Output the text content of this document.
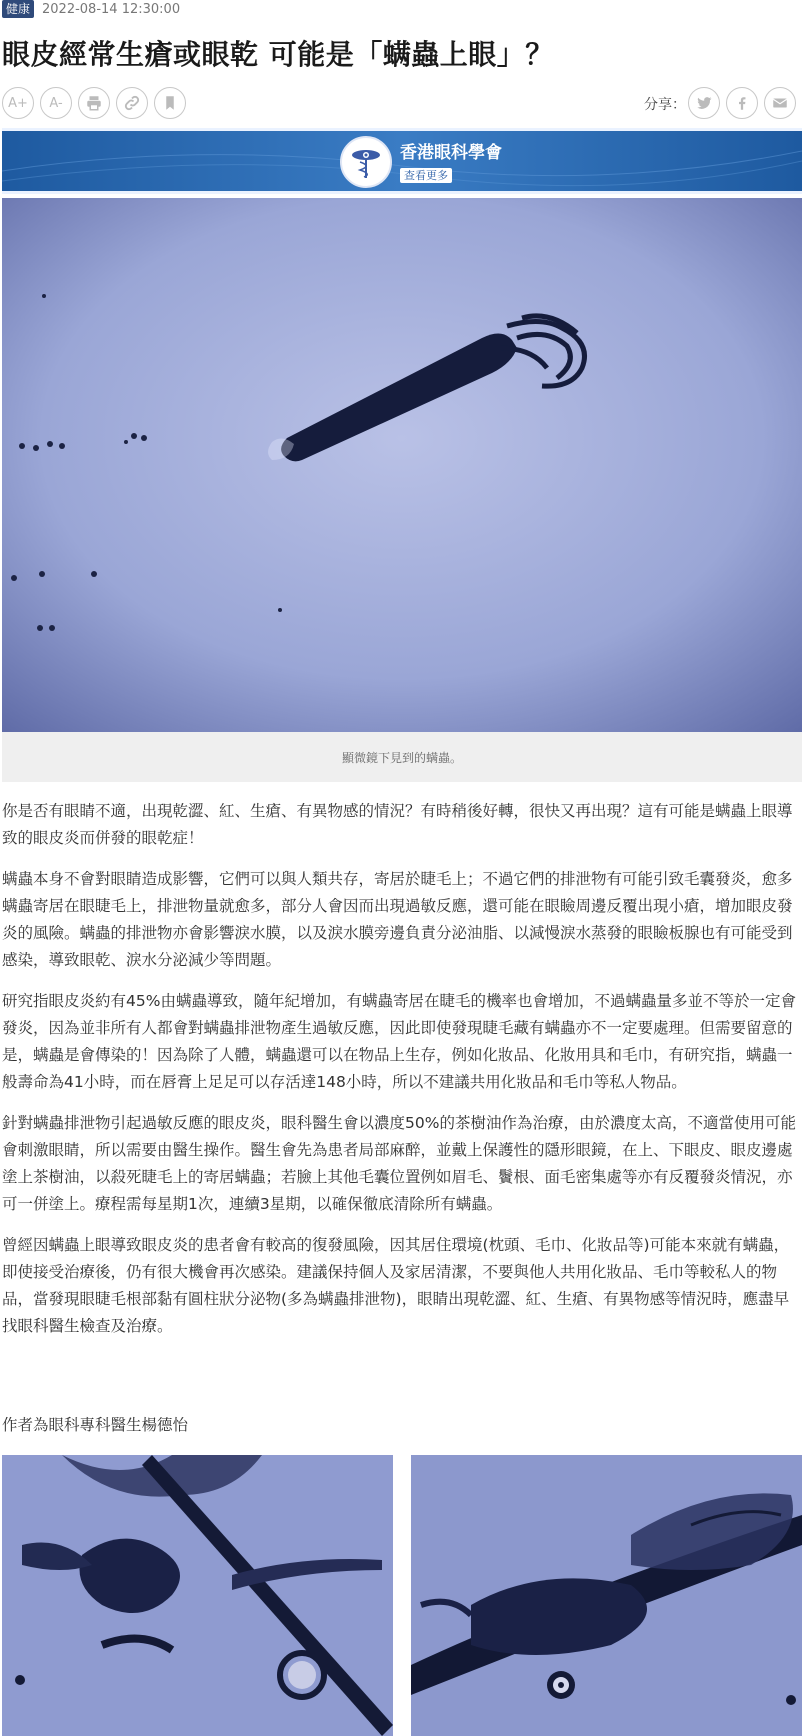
健康 2022-08-14 12:30:00
眼皮經常生瘡或眼乾 可能是「螨蟲上眼」？
A+ A-	分享：
香港眼科學會
查看更多
顯微鏡下見到的螨蟲。

你是否有眼睛不適，出現乾澀、紅、生瘡、有異物感的情況？有時稍後好轉，很快又再出現？這有可能是螨蟲上眼導致的眼皮炎而併發的眼乾症！

螨蟲本身不會對眼睛造成影響，它們可以與人類共存，寄居於睫毛上；不過它們的排泄物有可能引致毛囊發炎，愈多螨蟲寄居在眼睫毛上，排泄物量就愈多，部分人會因而出現過敏反應，還可能在眼瞼周邊反覆出現小瘡，增加眼皮發炎的風險。螨蟲的排泄物亦會影響淚水膜，以及淚水膜旁邊負責分泌油脂、以減慢淚水蒸發的眼瞼板腺也有可能受到感染，導致眼乾、淚水分泌減少等問題。

研究指眼皮炎約有45%由螨蟲導致，隨年紀增加，有螨蟲寄居在睫毛的機率也會增加，不過螨蟲量多並不等於一定會發炎，因為並非所有人都會對螨蟲排泄物產生過敏反應，因此即使發現睫毛藏有螨蟲亦不一定要處理。但需要留意的是，螨蟲是會傳染的！因為除了人體，螨蟲還可以在物品上生存，例如化妝品、化妝用具和毛巾，有研究指，螨蟲一般壽命為41小時，而在唇膏上足足可以存活達148小時，所以不建議共用化妝品和毛巾等私人物品。

針對螨蟲排泄物引起過敏反應的眼皮炎，眼科醫生會以濃度50%的茶樹油作為治療，由於濃度太高，不適當使用可能會刺激眼睛，所以需要由醫生操作。醫生會先為患者局部麻醉，並戴上保護性的隱形眼鏡，在上、下眼皮、眼皮邊處塗上茶樹油，以殺死睫毛上的寄居螨蟲；若臉上其他毛囊位置例如眉毛、鬢根、面毛密集處等亦有反覆發炎情況，亦可一併塗上。療程需每星期1次，連續3星期，以確保徹底清除所有螨蟲。

曾經因螨蟲上眼導致眼皮炎的患者會有較高的復發風險，因其居住環境(枕頭、毛巾、化妝品等)可能本來就有螨蟲，即使接受治療後，仍有很大機會再次感染。建議保持個人及家居清潔，不要與他人共用化妝品、毛巾等較私人的物品，當發現眼睫毛根部黏有圓柱狀分泌物(多為螨蟲排泄物)，眼睛出現乾澀、紅、生瘡、有異物感等情況時，應盡早找眼科醫生檢查及治療。

作者為眼科專科醫生楊德怡
